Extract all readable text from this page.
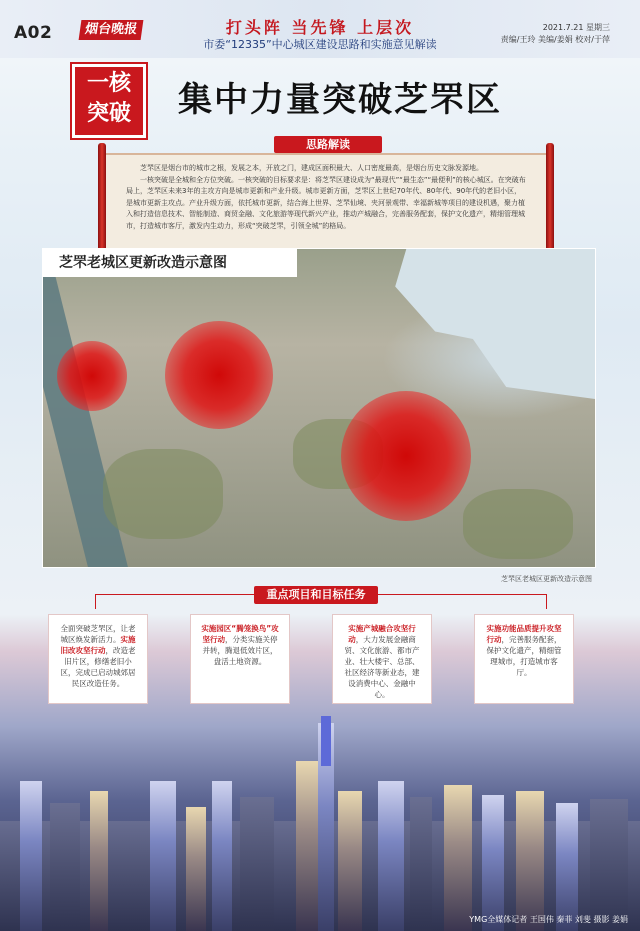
A02	烟台晚报	打头阵 当先锋 上层次
市委“12335”中心城区建设思路和实施意见解读
2021.7.21 星期三
责编/王玲 美编/姜娟 校对/于萍
一核
突破	集中力量突破芝罘区

芝罘区是烟台市的城市之根，发展之本，开放之门，建成区面积最大、人口密度最高，是烟台历史文脉发源地。

一核突破是全城和全方位突破。一核突破的目标要求是：将芝罘区建设成为“最现代”“最生态”“最便利”的核心城区。在突破布局上，芝罘区未来3年的主攻方向是城市更新和产业升级。城市更新方面，芝罘区上世纪70年代、80年代、90年代的老旧小区，是城市更新主攻点。产业升级方面，依托城市更新，结合海上世界、芝罘仙境、夹河景观带、幸福新城等项目的建设机遇，聚力植入和打造信息技术、智能制造、商贸金融、文化旅游等现代新兴产业，推动产城融合，完善服务配套，保护文化遗产，精细管理城市，打造城市客厅，激发内生动力，形成“突破芝罘，引领全城”的格局。

思路解读
芝罘老城区更新改造示意图
芝罘区老城区更新改造示意图
重点项目和目标任务
全面突破芝罘区，让老城区焕发新活力。实施旧改攻坚行动，改造老旧片区，修缮老旧小区，完成已启动城郊居民区改造任务。
实施园区“腾笼换鸟”攻坚行动，分类实施关停并转，腾退低效片区，盘活土地资源。
实施产城融合攻坚行动，大力发展金融商贸、文化旅游、都市产业、壮大楼宇、总部、社区经济等新业态，建设消费中心、金融中心。
实施功能品质提升攻坚行动，完善服务配套，保护文化遗产，精细管理城市，打造城市客厅。
YMG全媒体记者 王国伟 秦菲 刘斐 摄影 姜娟
